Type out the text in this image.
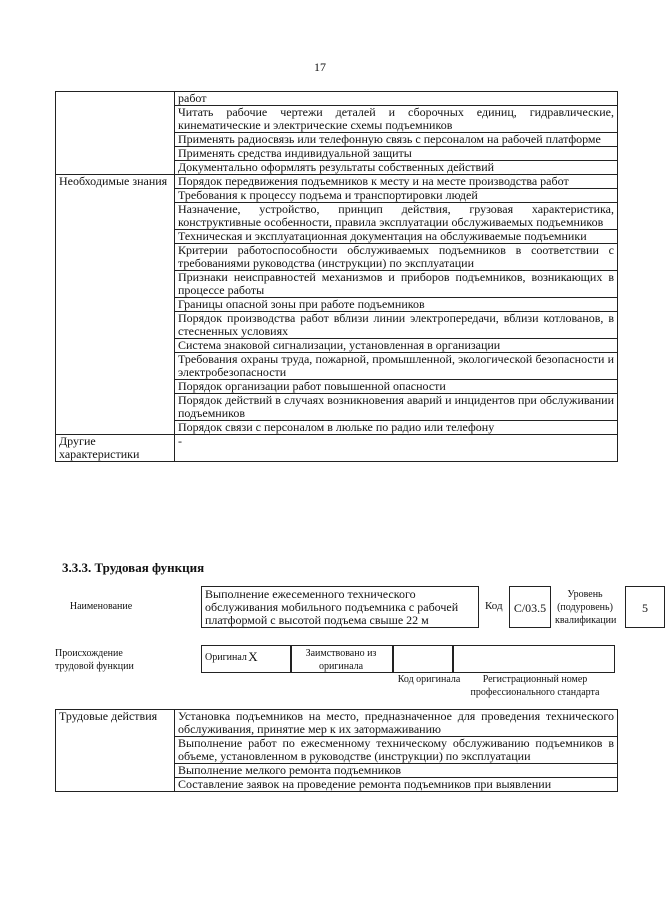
17
	работ
	Читать рабочие чертежи деталей и сборочных единиц, гидравлические, кинематические и электрические схемы подъемников
	Применять радиосвязь или телефонную связь с персоналом на рабочей платформе
	Применять средства индивидуальной защиты
	Документально оформлять результаты собственных действий
Необходимые знания	Порядок передвижения подъемников к месту и на месте производства работ
	Требования к процессу подъема и транспортировки людей
	Назначение, устройство, принцип действия, грузовая характеристика, конструктивные особенности, правила эксплуатации обслуживаемых подъемников
	Техническая и эксплуатационная документация на обслуживаемые подъемники
	Критерии работоспособности обслуживаемых подъемников в соответствии с требованиями руководства (инструкции) по эксплуатации
	Признаки неисправностей механизмов и приборов подъемников, возникающих в процессе работы
	Границы опасной зоны при работе подъемников
	Порядок производства работ вблизи линии электропередачи, вблизи котлованов, в стесненных условиях
	Система знаковой сигнализации, установленная в организации
	Требования охраны труда, пожарной, промышленной, экологической безопасности и электробезопасности
	Порядок организации работ повышенной опасности
	Порядок действий в случаях возникновения аварий и инцидентов при обслуживании подъемников
	Порядок связи с персоналом в люльке по радио или телефону
Другие характеристики	-
3.3.3. Трудовая функция
Наименование
Выполнение ежесеменного технического обслуживания мобильного подъемника с рабочей платформой с высотой подъема свыше 22 м
Код C/03.5
Уровень (подуровень) квалификации
5
Происхождение трудовой функции
Оригинал X	Заимствовано из оригинала
Код оригинала	Регистрационный номер профессионального стандарта
Трудовые действия	Установка подъемников на место, предназначенное для проведения технического обслуживания, принятие мер к их затормаживанию
Выполнение работ по ежесменному техническому обслуживанию подъемников в объеме, установленном в руководстве (инструкции) по эксплуатации
Выполнение мелкого ремонта подъемников
Составление заявок на проведение ремонта подъемников при выявлении
